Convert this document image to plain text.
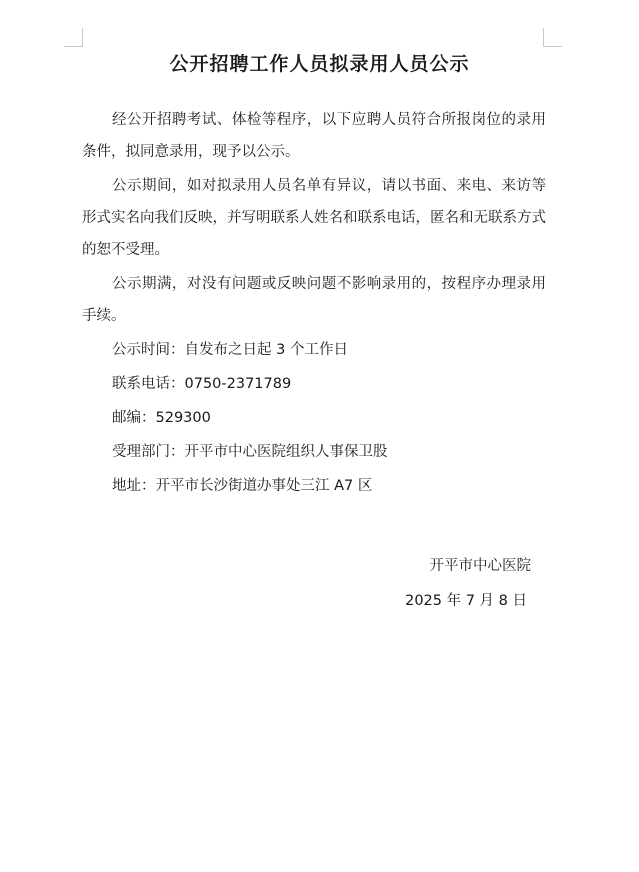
公开招聘工作人员拟录用人员公示

经公开招聘考试、体检等程序，以下应聘人员符合所报岗位的录用条件，拟同意录用，现予以公示。

公示期间，如对拟录用人员名单有异议，请以书面、来电、来访等形式实名向我们反映，并写明联系人姓名和联系电话，匿名和无联系方式的恕不受理。

公示期满，对没有问题或反映问题不影响录用的，按程序办理录用手续。

公示时间：自发布之日起 3 个工作日

联系电话：0750-2371789

邮编：529300

受理部门：开平市中心医院组织人事保卫股

地址：开平市长沙街道办事处三江 A7 区

开平市中心医院
2025 年 7 月 8 日
